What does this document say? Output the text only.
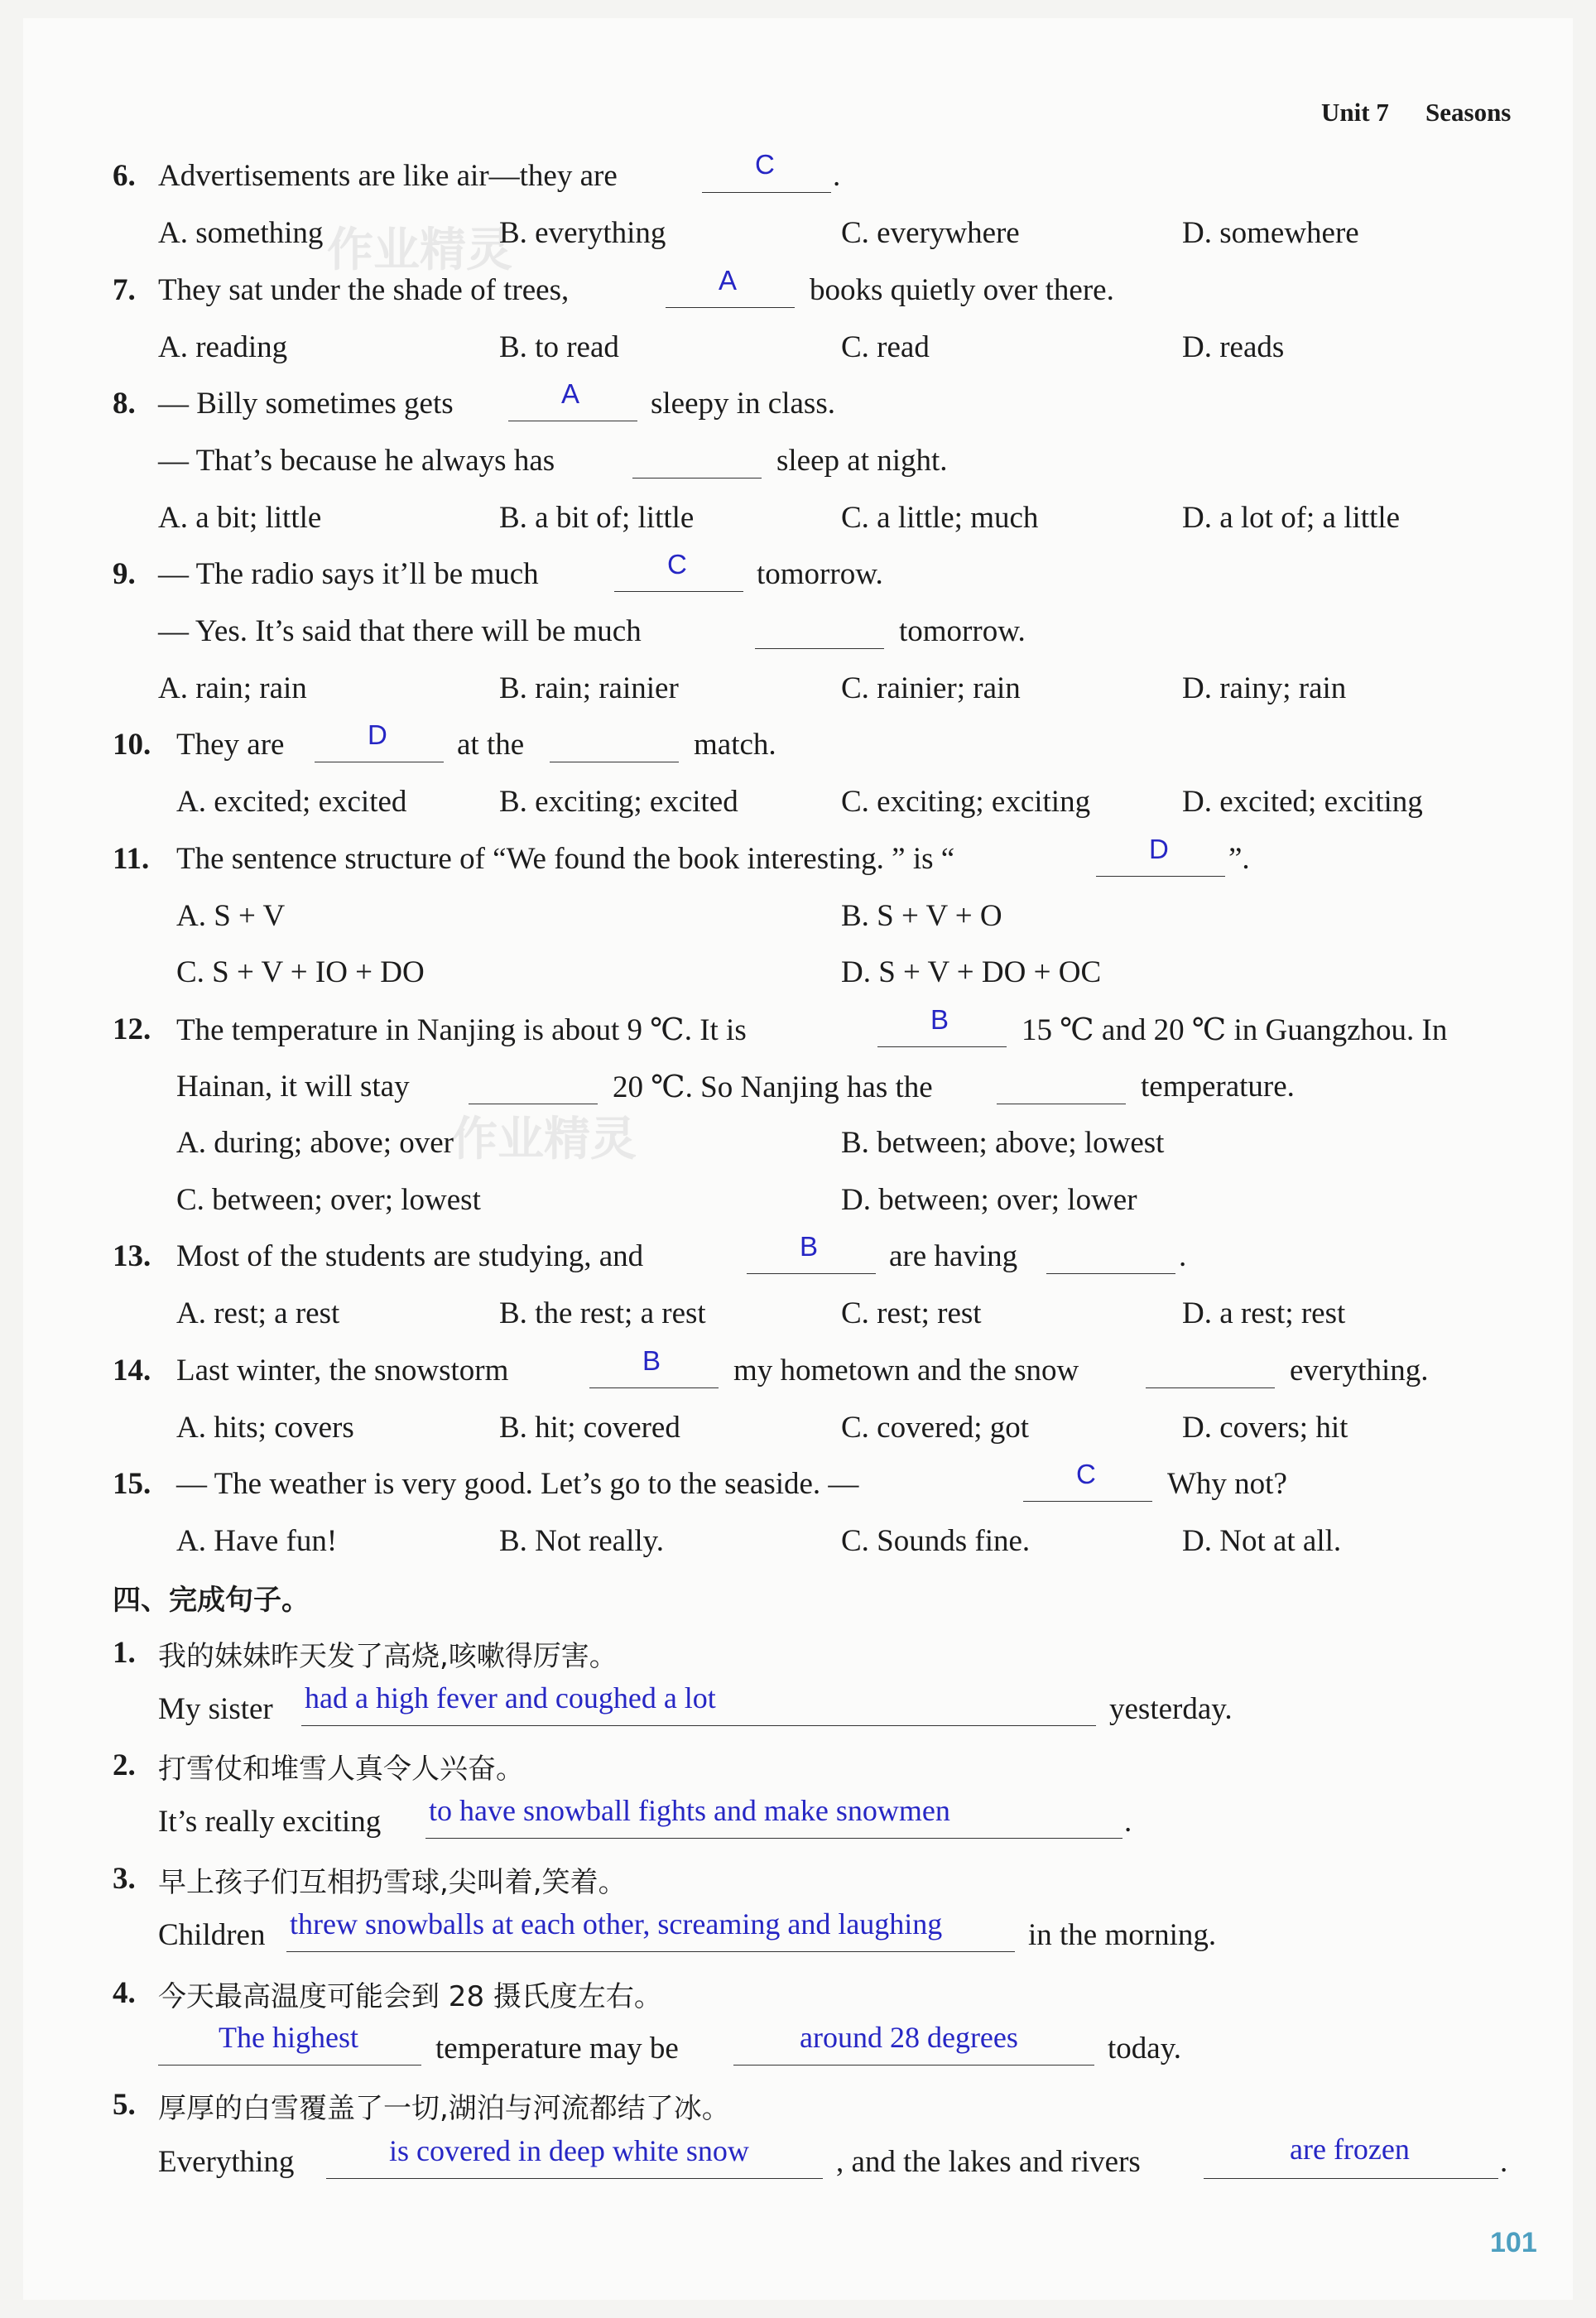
Unit 7 Seasons
作业精灵
作业精灵
6. Advertisements are like air—they are	C .
A. something	B. everything	C. everywhere	D. somewhere
7. They sat under the shade of trees,	A books quietly over there.
A. reading	B. to read	C. read	D. reads
8. — Billy sometimes gets	A sleepy in class.
— That’s because he always has	sleep at night.
A. a bit; little	B. a bit of; little	C. a little; much	D. a lot of; a little
9. — The radio says it’ll be much	C tomorrow.
— Yes. It’s said that there will be much	tomorrow.
A. rain; rain	B. rain; rainier	C. rainier; rain	D. rainy; rain
10. They are	D at the	match.
A. excited; excited	B. exciting; excited	C. exciting; exciting	D. excited; exciting
11. The sentence structure of “We found the book interesting. ” is “	D ”.
A. S + V	B. S + V + O
C. S + V + IO + DO	D. S + V + DO + OC
12. The temperature in Nanjing is about 9 ℃. It is	B 15 ℃ and 20 ℃ in Guangzhou. In
Hainan, it will stay	20 ℃. So Nanjing has the	temperature.
A. during; above; over	B. between; above; lowest
C. between; over; lowest	D. between; over; lower
13. Most of the students are studying, and	B are having	.
A. rest; a rest	B. the rest; a rest	C. rest; rest	D. a rest; rest
14. Last winter, the snowstorm	B my hometown and the snow	everything.
A. hits; covers	B. hit; covered	C. covered; got	D. covers; hit
15. — The weather is very good. Let’s go to the seaside. —	C Why not?
A. Have fun!	B. Not really.	C. Sounds fine.	D. Not at all.
四、完成句子。
1. 我的妹妹昨天发了高烧,咳嗽得厉害。
My sister had a high fever and coughed a lot	yesterday.
2. 打雪仗和堆雪人真令人兴奋。
It’s really exciting to have snowball fights and make snowmen	.
3. 早上孩子们互相扔雪球,尖叫着,笑着。
Children threw snowballs at each other, screaming and laughing	in the morning.
4. 今天最高温度可能会到 28 摄氏度左右。
The highest	temperature may be	around 28 degrees	today.
5. 厚厚的白雪覆盖了一切,湖泊与河流都结了冰。
Everything	is covered in deep white snow	, and the lakes and rivers	are frozen	.
101
